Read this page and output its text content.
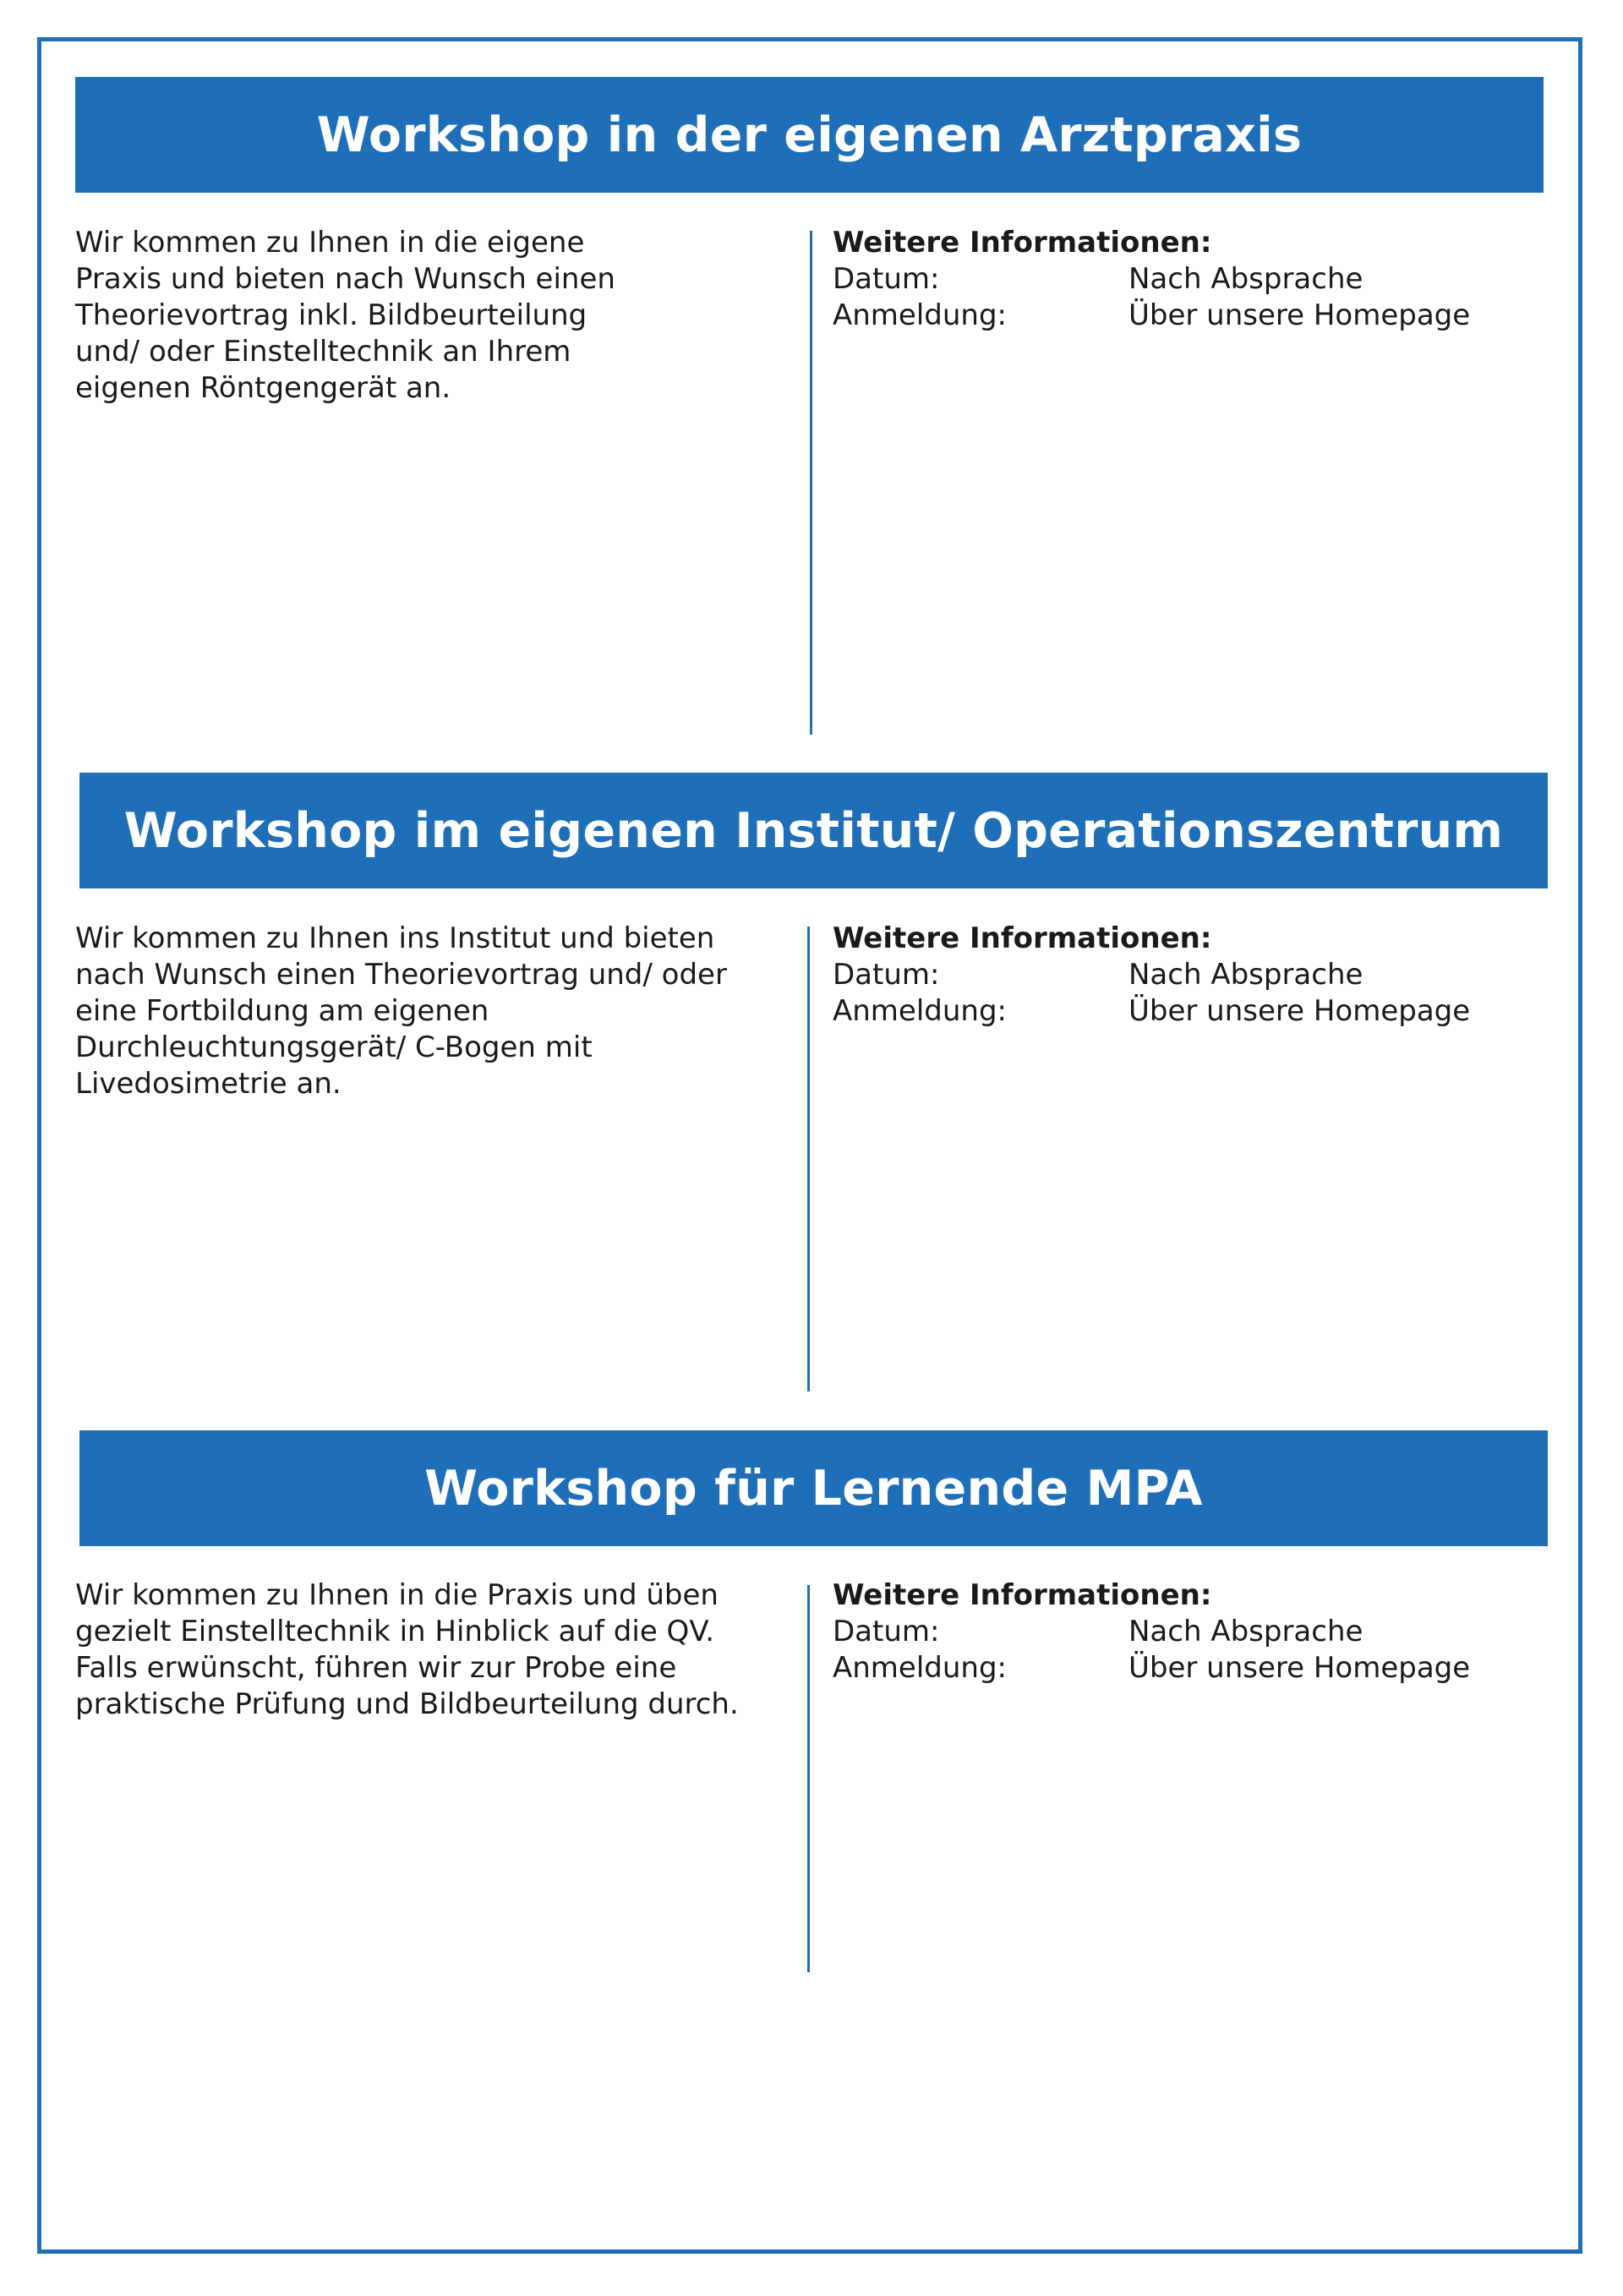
Workshop in der eigenen Arztpraxis
Wir kommen zu Ihnen in die eigene
Praxis und bieten nach Wunsch einen
Theorievortrag inkl. Bildbeurteilung
und/ oder Einstelltechnik an Ihrem
eigenen Röntgengerät an.
Weitere Informationen:
Datum:	Nach Absprache
Anmeldung:	Über unsere Homepage
Workshop im eigenen Institut/ Operationszentrum
Wir kommen zu Ihnen ins Institut und bieten
nach Wunsch einen Theorievortrag und/ oder
eine Fortbildung am eigenen
Durchleuchtungsgerät/ C-Bogen mit
Livedosimetrie an.
Weitere Informationen:
Datum:	Nach Absprache
Anmeldung:	Über unsere Homepage
Workshop für Lernende MPA
Wir kommen zu Ihnen in die Praxis und üben
gezielt Einstelltechnik in Hinblick auf die QV.
Falls erwünscht, führen wir zur Probe eine
praktische Prüfung und Bildbeurteilung durch.
Weitere Informationen:
Datum:	Nach Absprache
Anmeldung:	Über unsere Homepage
